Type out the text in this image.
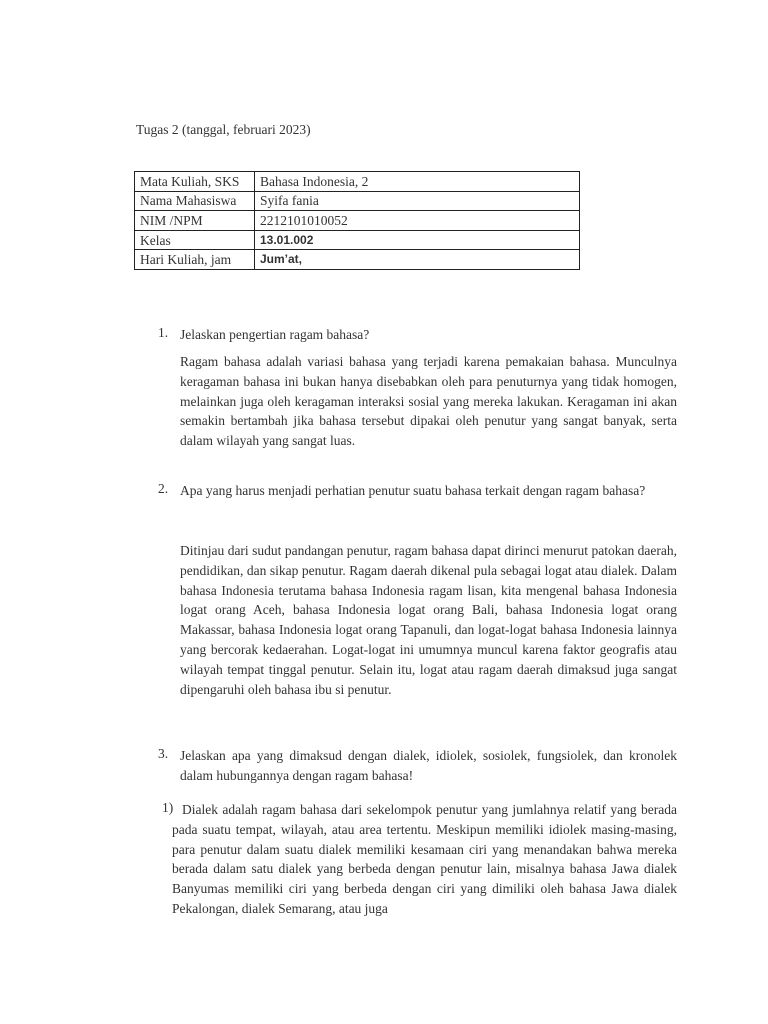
Tugas 2 (tanggal, februari 2023)
Mata Kuliah, SKS	Bahasa Indonesia, 2
Nama Mahasiswa	Syifa fania
NIM /NPM	2212101010052
Kelas	13.01.002
Hari Kuliah, jam	Jum’at,
1. Jelaskan pengertian ragam bahasa?

Ragam bahasa adalah variasi bahasa yang terjadi karena pemakaian bahasa. Munculnya keragaman bahasa ini bukan hanya disebabkan oleh para penuturnya yang tidak homogen, melainkan juga oleh keragaman interaksi sosial yang mereka lakukan. Keragaman ini akan semakin bertambah jika bahasa tersebut dipakai oleh penutur yang sangat banyak, serta dalam wilayah yang sangat luas.

2. Apa yang harus menjadi perhatian penutur suatu bahasa terkait dengan ragam bahasa?

Ditinjau dari sudut pandangan penutur, ragam bahasa dapat dirinci menurut patokan daerah, pendidikan, dan sikap penutur. Ragam daerah dikenal pula sebagai logat atau dialek. Dalam bahasa Indonesia terutama bahasa Indonesia ragam lisan, kita mengenal bahasa Indonesia logat orang Aceh, bahasa Indonesia logat orang Bali, bahasa Indonesia logat orang Makassar, bahasa Indonesia logat orang Tapanuli, dan logat-logat bahasa Indonesia lainnya yang bercorak kedaerahan. Logat-logat ini umumnya muncul karena faktor geografis atau wilayah tempat tinggal penutur. Selain itu, logat atau ragam daerah dimaksud juga sangat dipengaruhi oleh bahasa ibu si penutur.

3. Jelaskan apa yang dimaksud dengan dialek, idiolek, sosiolek, fungsiolek, dan kronolek dalam hubungannya dengan ragam bahasa!
1) Dialek adalah ragam bahasa dari sekelompok penutur yang jumlahnya relatif yang berada pada suatu tempat, wilayah, atau area tertentu. Meskipun memiliki idiolek masing-masing, para penutur dalam suatu dialek memiliki kesamaan ciri yang menandakan bahwa mereka berada dalam satu dialek yang berbeda dengan penutur lain, misalnya bahasa Jawa dialek Banyumas memiliki ciri yang berbeda dengan ciri yang dimiliki oleh bahasa Jawa dialek Pekalongan, dialek Semarang, atau juga
